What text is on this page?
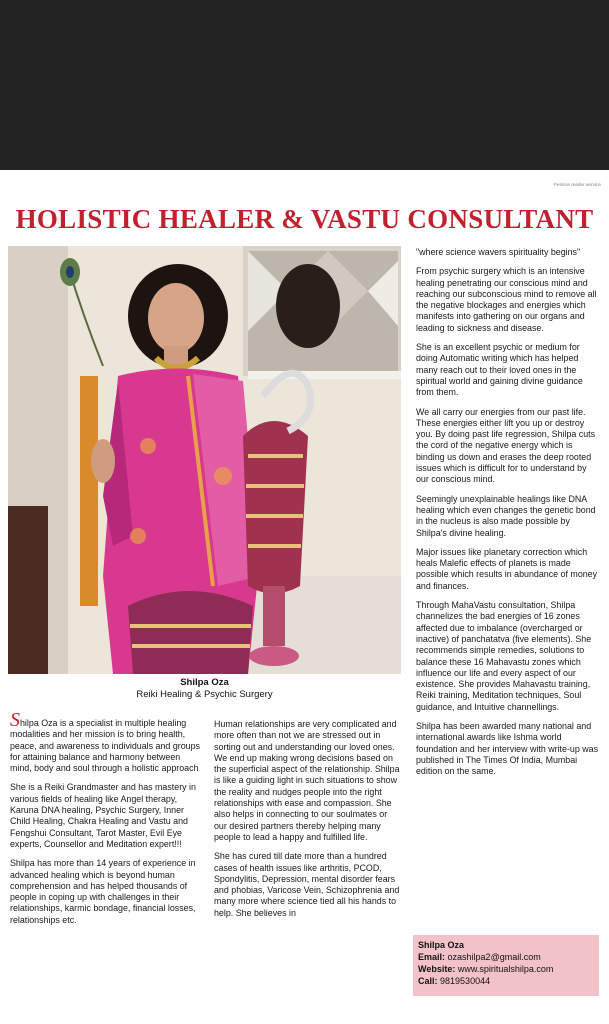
Femina reader service
HOLISTIC HEALER & VASTU CONSULTANT
Shilpa Oza
Reiki Healing & Psychic Surgery

Shilpa Oza is a specialist in multiple healing modalities and her mission is to bring health, peace, and awareness to individuals and groups for attaining balance and harmony between mind, body and soul through a holistic approach

She is a Reiki Grandmaster and has mastery in various fields of healing like Angel therapy, Karuna DNA healing, Psychic Surgery, Inner Child Healing, Chakra Healing and Vastu and Fengshui Consultant, Tarot Master, Evil Eye experts, Counsellor and Meditation expert!!!

Shilpa has more than 14 years of experience in advanced healing which is beyond human comprehension and has helped thousands of people in coping up with challenges in their relationships, karmic bondage, financial losses, relationships etc.

Human relationships are very complicated and more often than not we are stressed out in sorting out and understanding our loved ones. We end up making wrong decisions based on the superficial aspect of the relationship. Shilpa is like a guiding light in such situations to show the reality and nudges people into the right relationships with ease and compassion. She also helps in connecting to our soulmates or our desired partners thereby helping many people to lead a happy and fulfilled life.

She has cured till date more than a hundred cases of health issues like arthritis, PCOD, Spondylitis, Depression, mental disorder fears and phobias, Varicose Vein, Schizophrenia and many more where science tied all his hands to help. She believes in

"where science wavers spirituality begins"

From psychic surgery which is an intensive healing penetrating our conscious mind and reaching our subconscious mind to remove all the negative blockages and energies which manifests into gathering on our organs and leading to sickness and disease.

She is an excellent psychic or medium for doing Automatic writing which has helped many reach out to their loved ones in the spiritual world and gaining divine guidance from them.

We all carry our energies from our past life. These energies either lift you up or destroy you. By doing past life regression, Shilpa cuts the cord of the negative energy which is binding us down and erases the deep rooted issues which is difficult for to understand by our conscious mind.

Seemingly unexplainable healings like DNA healing which even changes the genetic bond in the nucleus is also made possible by Shilpa's divine healing.

Major issues like planetary correction which heals Malefic effects of planets is made possible which results in abundance of money and finances.

Through MahaVastu consultation, Shilpa channelizes the bad energies of 16 zones affected due to imbalance (overcharged or inactive) of panchatatva (five elements). She recommends simple remedies, solutions to balance these 16 Mahavastu zones which influence our life and every aspect of our existence. She provides Mahavastu training, Reiki training, Meditation techniques, Soul guidance, and Intuitive channellings.

Shilpa has been awarded many national and international awards like Ishma world foundation and her interview with write-up was published in The Times Of India, Mumbai edition on the same.

Shilpa Oza
Email: ozashilpa2@gmail.com
Website: www.spiritualshilpa.com
Call: 9819530044
